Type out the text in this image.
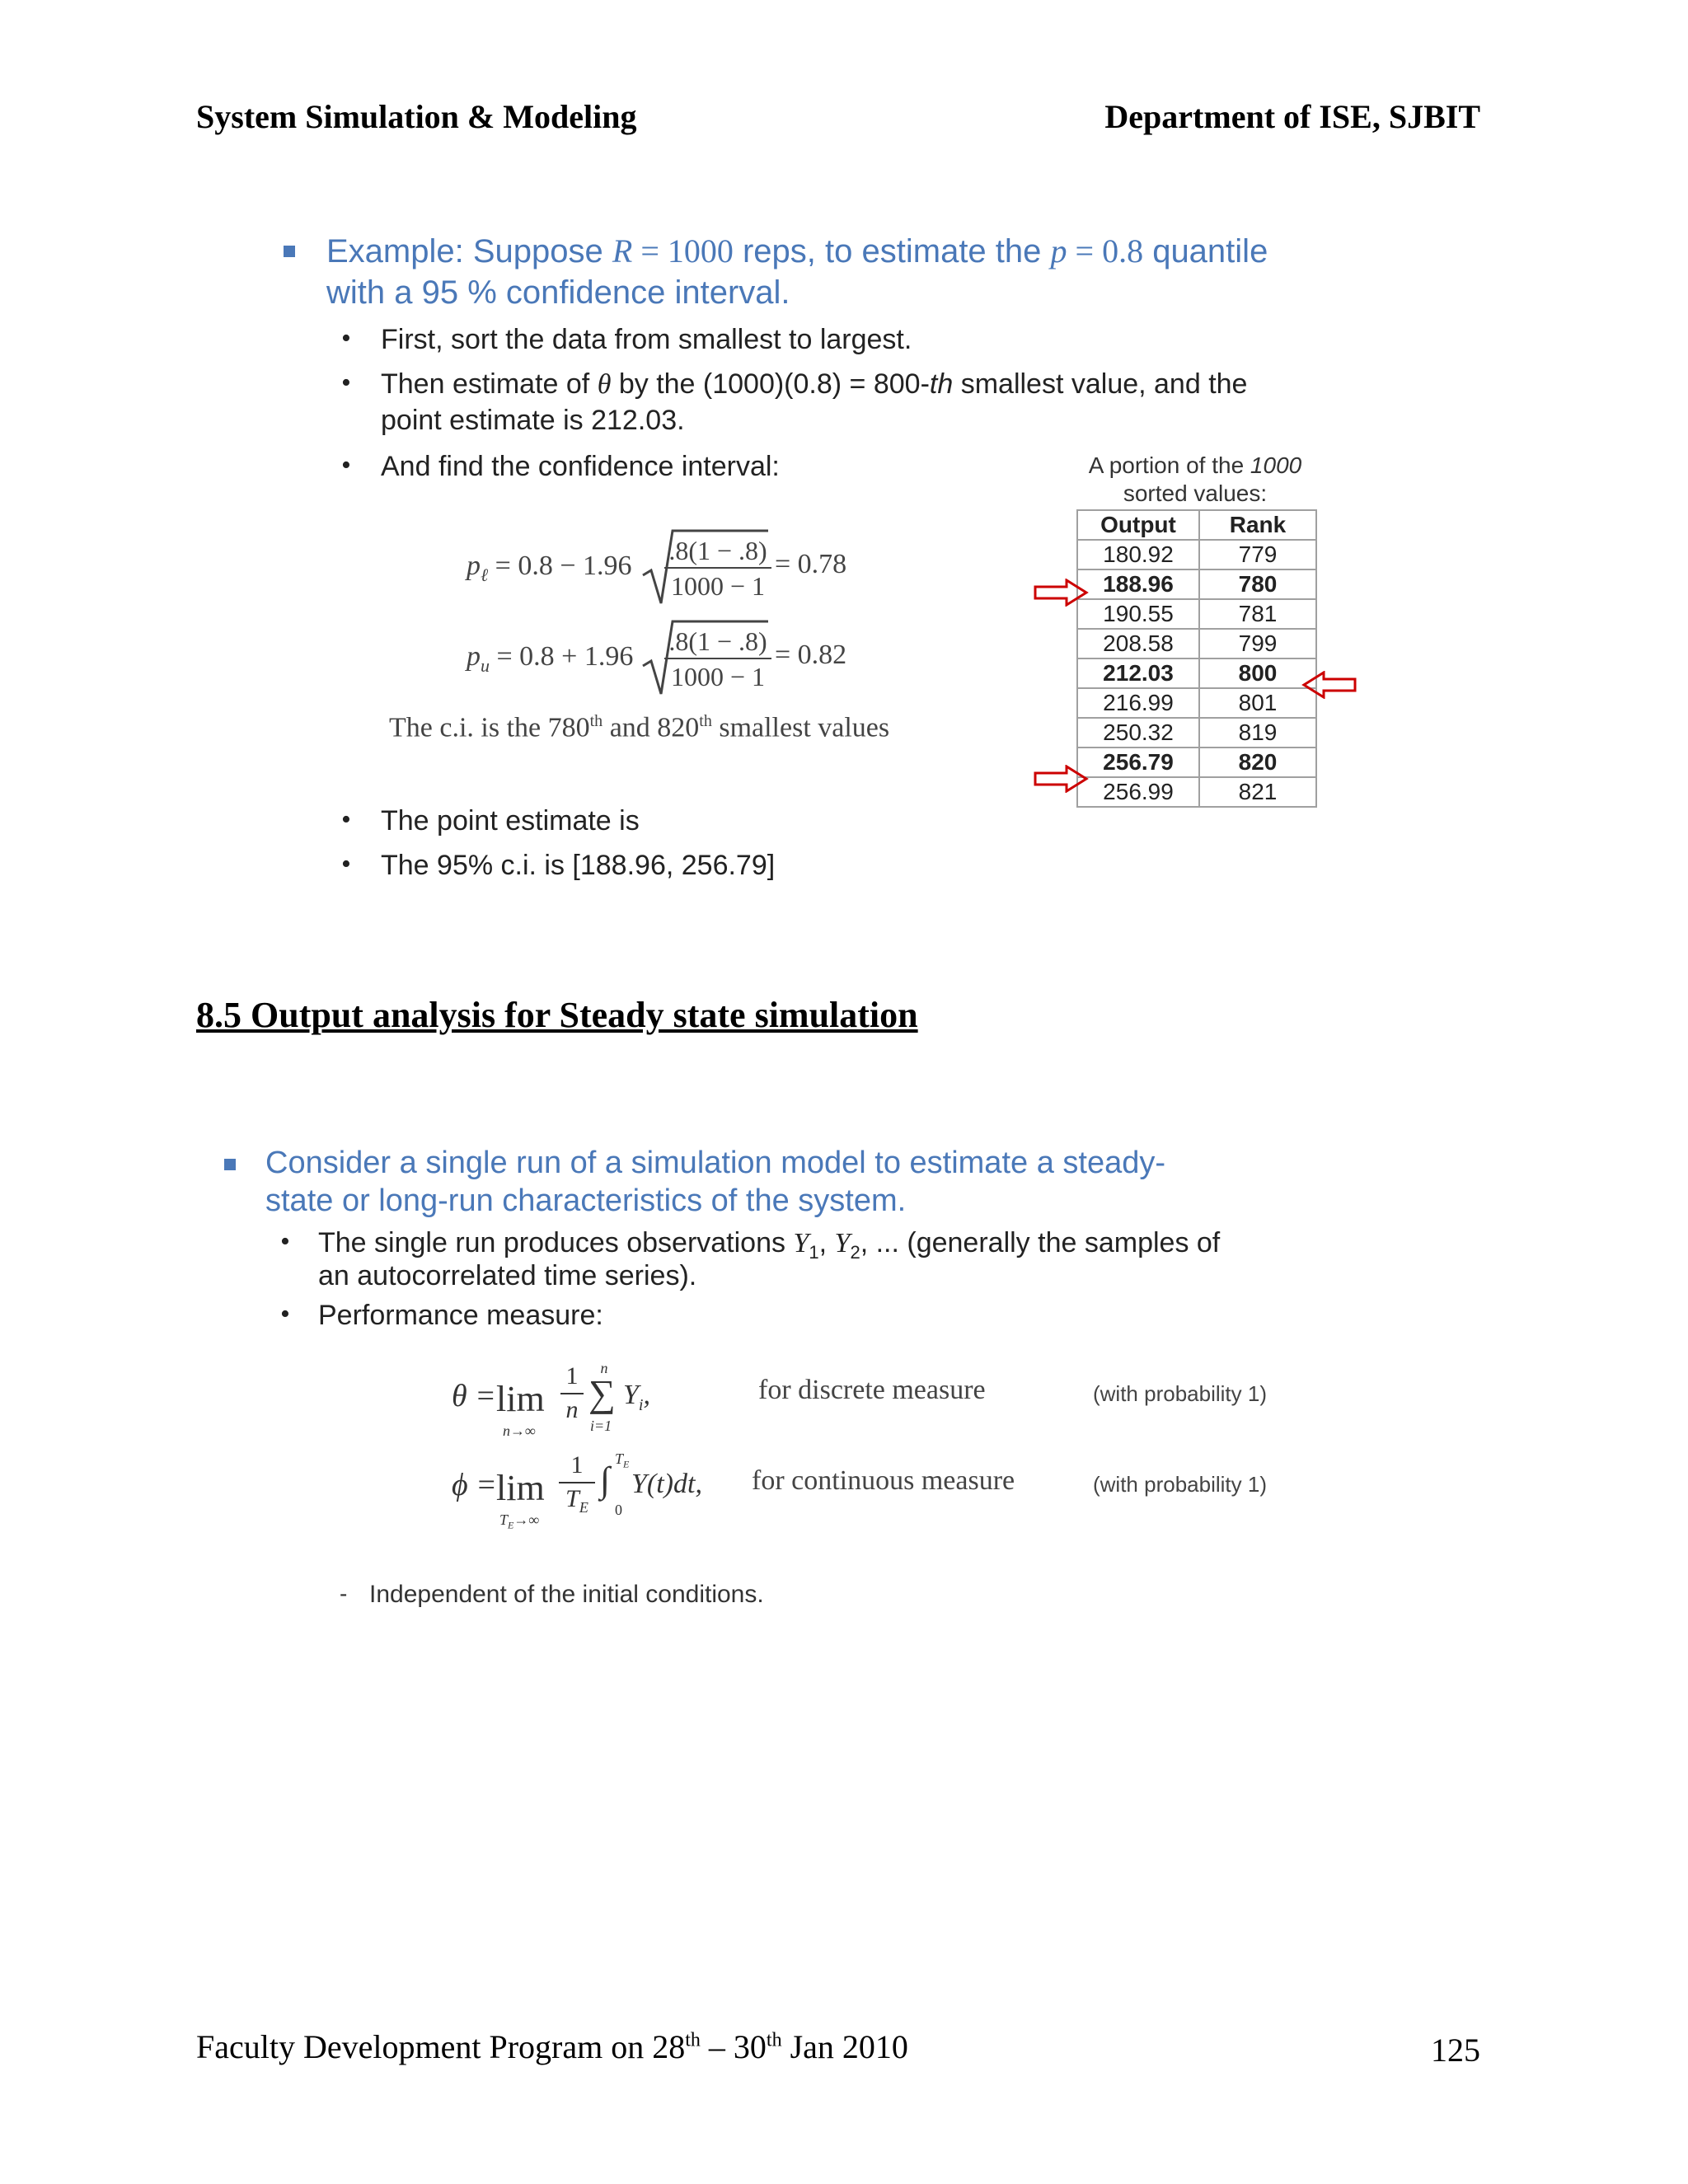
System Simulation & Modeling	Department of ISE, SJBIT
Example: Suppose R = 1000 reps, to estimate the p = 0.8 quantile
with a 95 % confidence interval.
• First, sort the data from smallest to largest.
• Then estimate of θ by the (1000)(0.8) = 800-th smallest value, and the
point estimate is 212.03.
• And find the confidence interval:
$p_\ell = 0.8 - 1.96$ .8(1 − .8)
1000 − 1
= 0.78
$p_u = 0.8 + 1.96$ .8(1 − .8)
1000 − 1
= 0.82
The c.i. is the 780th and 820th smallest values
• The point estimate is
• The 95% c.i. is [188.96, 256.79]
A portion of the 1000
sorted values:
Output	Rank
180.92	779
188.96	780
190.55	781
208.58	799
212.03	800
216.99	801
250.32	819
256.79	820
256.99	821
8.5 Output analysis for Steady state simulation
Consider a single run of a simulation model to estimate a steady-
state or long-run characteristics of the system.
• The single run produces observations $Y_1$, $Y_2$, ... (generally the samples of
an autocorrelated time series).
• Performance measure:
θ = lim
n→∞
1
n
n
∑
i=1
$Y_i$,	for discrete measure	(with probability 1)
ϕ = lim
$T_E\to\infty$
1
$T_E$
∫
$T_E$
0
Y(t)dt, for continuous measure	(with probability 1)
- Independent of the initial conditions.
Faculty Development Program on 28th – 30th Jan 2010	125
